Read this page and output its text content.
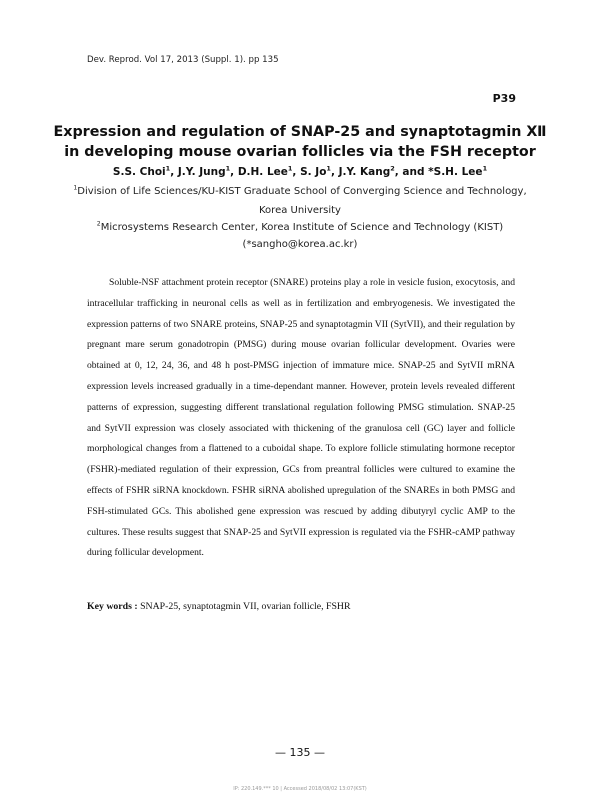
Dev. Reprod. Vol 17, 2013 (Suppl. 1). pp 135
P39
Expression and regulation of SNAP-25 and synaptotagmin Ⅻ
in developing mouse ovarian follicles via the FSH receptor
S.S. Choi$^1$, J.Y. Jung$^1$, D.H. Lee$^1$, S. Jo$^1$, J.Y. Kang$^2$, and *S.H. Lee$^1$
$^1$Division of Life Sciences/KU-KIST Graduate School of Converging Science and Technology,
Korea University
$^2$Microsystems Research Center, Korea Institute of Science and Technology (KIST)
(*sangho@korea.ac.kr)

Soluble-NSF attachment protein receptor (SNARE) proteins play a role in vesicle fusion, exocytosis, and intracellular trafficking in neuronal cells as well as in fertilization and embryogenesis. We investigated the expression patterns of two SNARE proteins, SNAP-25 and synaptotagmin VII (SytVII), and their regulation by pregnant mare serum gonadotropin (PMSG) during mouse ovarian follicular development. Ovaries were obtained at 0, 12, 24, 36, and 48 h post-PMSG injection of immature mice. SNAP-25 and SytVII mRNA expression levels increased gradually in a time-dependant manner. However, protein levels revealed different patterns of expression, suggesting different translational regulation following PMSG stimulation. SNAP-25 and SytVII expression was closely associated with thickening of the granulosa cell (GC) layer and follicle morphological changes from a flattened to a cuboidal shape. To explore follicle stimulating hormone receptor (FSHR)-mediated regulation of their expression, GCs from preantral follicles were cultured to examine the effects of FSHR siRNA knockdown. FSHR siRNA abolished upregulation of the SNAREs in both PMSG and FSH-stimulated GCs. This abolished gene expression was rescued by adding dibutyryl cyclic AMP to the cultures. These results suggest that SNAP-25 and SytVII expression is regulated via the FSHR-cAMP pathway during follicular development.

Key words : SNAP-25, synaptotagmin VII, ovarian follicle, FSHR
— 135 —
IP: 220.149.*** 10 | Accessed 2018/08/02 13:07(KST)
